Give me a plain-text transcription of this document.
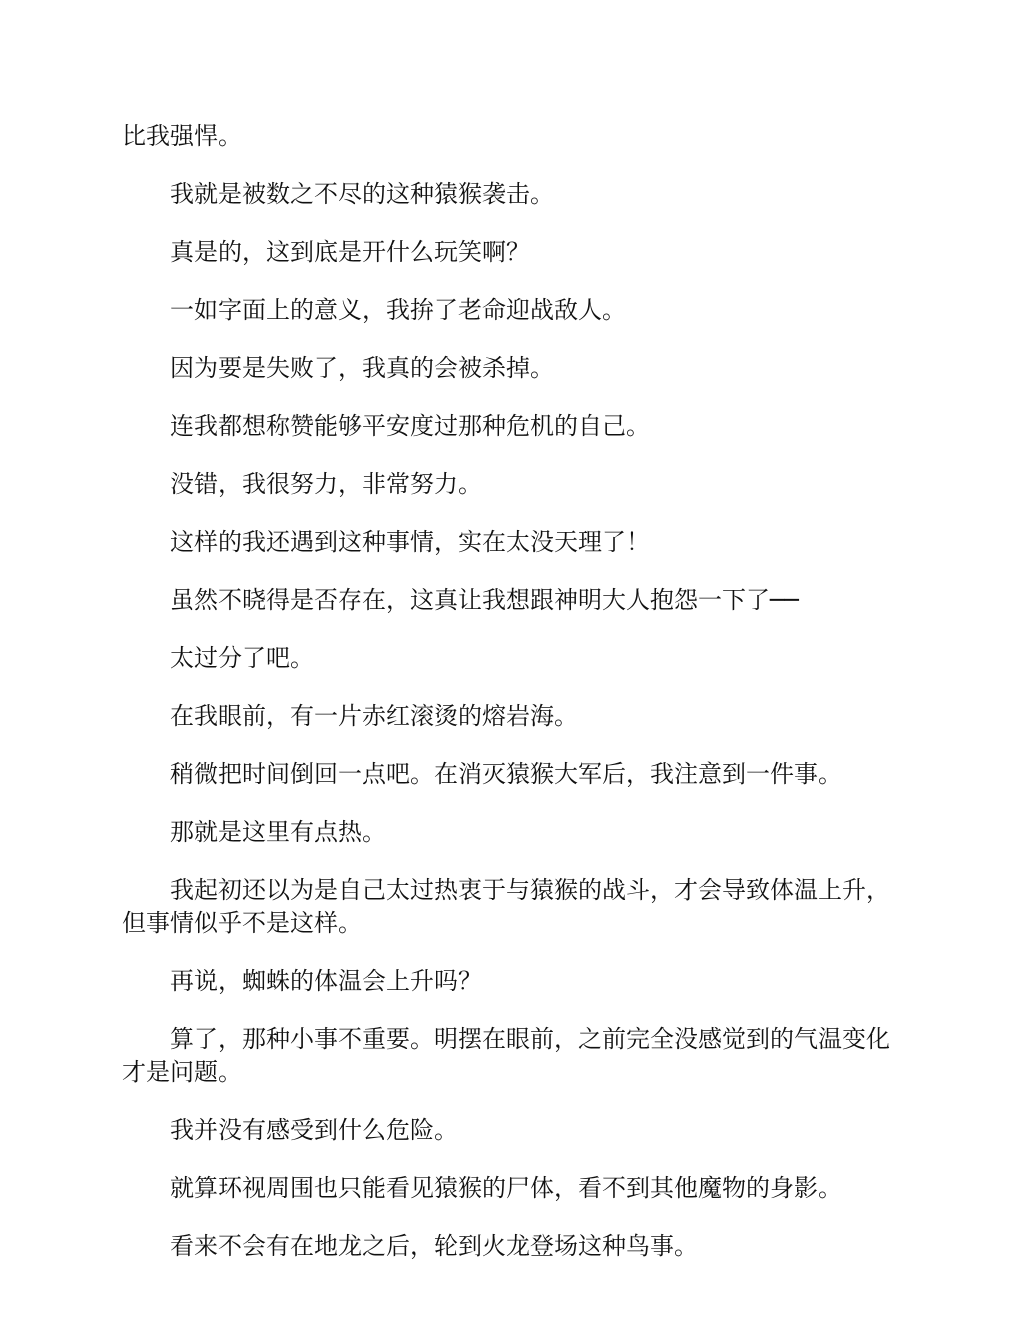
比我强悍。

我就是被数之不尽的这种猿猴袭击。

真是的，这到底是开什么玩笑啊？

一如字面上的意义，我拚了老命迎战敌人。

因为要是失败了，我真的会被杀掉。

连我都想称赞能够平安度过那种危机的自己。

没错，我很努力，非常努力。

这样的我还遇到这种事情，实在太没天理了！

虽然不晓得是否存在，这真让我想跟神明大人抱怨一下了──

太过分了吧。

在我眼前，有一片赤红滚烫的熔岩海。

稍微把时间倒回一点吧。在消灭猿猴大军后，我注意到一件事。

那就是这里有点热。

我起初还以为是自己太过热衷于与猿猴的战斗，才会导致体温上升，但事情似乎不是这样。

再说，蜘蛛的体温会上升吗？

算了，那种小事不重要。明摆在眼前，之前完全没感觉到的气温变化才是问题。

我并没有感受到什么危险。

就算环视周围也只能看见猿猴的尸体，看不到其他魔物的身影。

看来不会有在地龙之后，轮到火龙登场这种鸟事。
